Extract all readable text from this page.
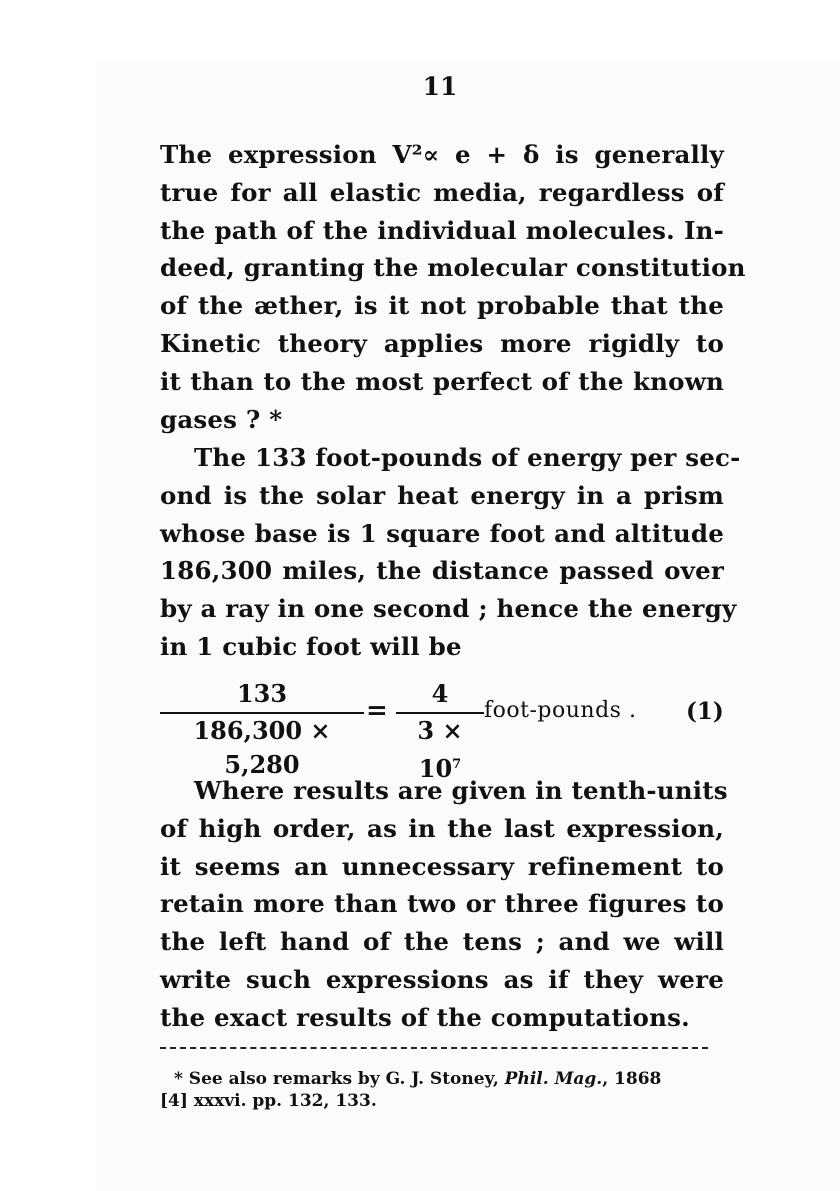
11
The expression V²∝ e + δ is generally
true for all elastic media, regardless of
the path of the individual molecules. In-
deed, granting the molecular constitution
of the æther, is it not probable that the
Kinetic theory applies more rigidly to
it than to the most perfect of the known
gases ? *
The 133 foot-pounds of energy per sec-
ond is the solar heat energy in a prism
whose base is 1 square foot and altitude
186,300 miles, the distance passed over
by a ray in one second ; hence the energy
in 1 cubic foot will be
133
186,300 × 5,280
=
4
$3 \times 10^7$
foot-pounds . (1)
Where results are given in tenth-units
of high order, as in the last expression,
it seems an unnecessary refinement to
retain more than two or three figures to
the left hand of the tens ; and we will
write such expressions as if they were
the exact results of the computations.
* See also remarks by G. J. Stoney, Phil. Mag., 1868
[4] xxxvi. pp. 132, 133.
